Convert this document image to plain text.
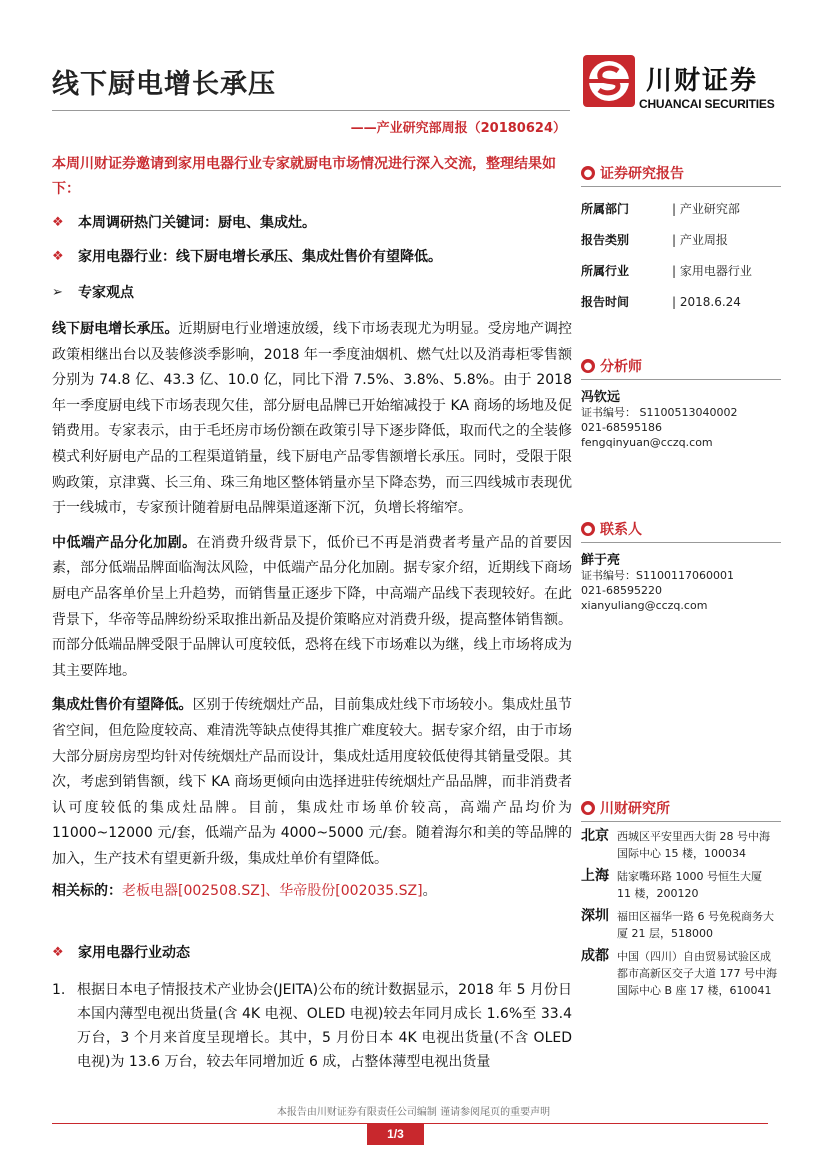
线下厨电增长承压
——产业研究部周报（20180624）
川财证券
CHUANCAI SECURITIES
本周川财证券邀请到家用电器行业专家就厨电市场情况进行深入交流，整理结果如下：
❖	本周调研热门关键词：厨电、集成灶。
❖	家用电器行业：线下厨电增长承压、集成灶售价有望降低。
➢	专家观点

线下厨电增长承压。近期厨电行业增速放缓，线下市场表现尤为明显。受房地产调控政策相继出台以及装修淡季影响，2018 年一季度油烟机、燃气灶以及消毒柜零售额分别为 74.8 亿、43.3 亿、10.0 亿，同比下滑 7.5%、3.8%、5.8%。由于 2018 年一季度厨电线下市场表现欠佳，部分厨电品牌已开始缩减投于 KA 商场的场地及促销费用。专家表示，由于毛坯房市场份额在政策引导下逐步降低，取而代之的全装修模式利好厨电产品的工程渠道销量，线下厨电产品零售额增长承压。同时，受限于限购政策，京津冀、长三角、珠三角地区整体销量亦呈下降态势，而三四线城市表现优于一线城市，专家预计随着厨电品牌渠道逐渐下沉，负增长将缩窄。

中低端产品分化加剧。在消费升级背景下，低价已不再是消费者考量产品的首要因素，部分低端品牌面临淘汰风险，中低端产品分化加剧。据专家介绍，近期线下商场厨电产品客单价呈上升趋势，而销售量正逐步下降，中高端产品线下表现较好。在此背景下，华帝等品牌纷纷采取推出新品及提价策略应对消费升级，提高整体销售额。而部分低端品牌受限于品牌认可度较低，恐将在线下市场难以为继，线上市场将成为其主要阵地。

集成灶售价有望降低。区别于传统烟灶产品，目前集成灶线下市场较小。集成灶虽节省空间，但危险度较高、难清洗等缺点使得其推广难度较大。据专家介绍，由于市场大部分厨房房型均针对传统烟灶产品而设计，集成灶适用度较低使得其销量受限。其次，考虑到销售额，线下 KA 商场更倾向由选择进驻传统烟灶产品品牌，而非消费者认可度较低的集成灶品牌。目前，集成灶市场单价较高，高端产品均价为 11000~12000 元/套，低端产品为 4000~5000 元/套。随着海尔和美的等品牌的加入，生产技术有望更新升级，集成灶单价有望降低。

相关标的：老板电器[002508.SZ]、华帝股份[002035.SZ]。
❖	家用电器行业动态
1. 根据日本电子情报技术产业协会(JEITA)公布的统计数据显示，2018 年 5 月份日本国内薄型电视出货量(含 4K 电视、OLED 电视)较去年同月成长 1.6%至 33.4 万台，3 个月来首度呈现增长。其中，5 月份日本 4K 电视出货量(不含 OLED 电视)为 13.6 万台，较去年同增加近 6 成，占整体薄型电视出货量
● 证券研究报告
所属部门	| 产业研究部
报告类别	| 产业周报
所属行业	| 家用电器行业
报告时间	| 2018.6.24
● 分析师
冯钦远
证书编号： S1100513040002
021-68595186
fengqinyuan@cczq.com
● 联系人
鲜于亮
证书编号：S1100117060001
021-68595220
xianyuliang@cczq.com
● 川财研究所
北京 西城区平安里西大街 28 号中海国际中心 15 楼，100034
上海 陆家嘴环路 1000 号恒生大厦 11 楼，200120
深圳 福田区福华一路 6 号免税商务大厦 21 层，518000
成都 中国（四川）自由贸易试验区成都市高新区交子大道 177 号中海国际中心 B 座 17 楼，610041
本报告由川财证券有限责任公司编制 谨请参阅尾页的重要声明
1/3
